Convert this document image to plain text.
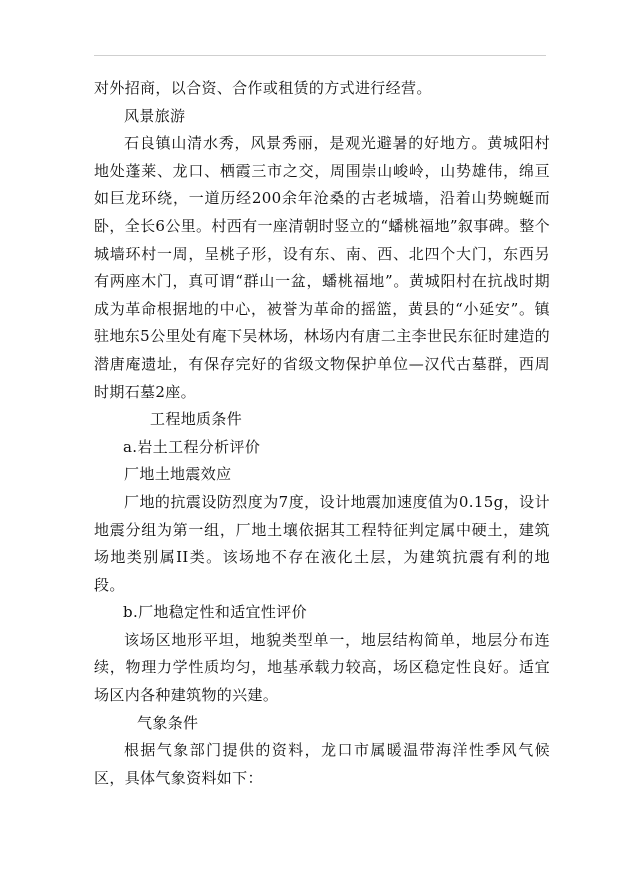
对外招商，以合资、合作或租赁的方式进行经营。

风景旅游

石良镇山清水秀，风景秀丽，是观光避暑的好地方。黄城阳村地处蓬莱、龙口、栖霞三市之交，周围崇山峻岭，山势雄伟，绵亘如巨龙环绕，一道历经200余年沧桑的古老城墙，沿着山势蜿蜒而卧，全长6公里。村西有一座清朝时竖立的“蟠桃福地”叙事碑。整个城墙环村一周，呈桃子形，设有东、南、西、北四个大门，东西另有两座木门，真可谓“群山一盆，蟠桃福地”。黄城阳村在抗战时期成为革命根据地的中心，被誉为革命的摇篮，黄县的“小延安”。镇驻地东5公里处有庵下吴林场，林场内有唐二主李世民东征时建造的潜唐庵遗址，有保存完好的省级文物保护单位—汉代古墓群，西周时期石墓2座。

工程地质条件

a.岩土工程分析评价

厂地土地震效应

厂地的抗震设防烈度为7度，设计地震加速度值为0.15g，设计地震分组为第一组，厂地土壤依据其工程特征判定属中硬土，建筑场地类别属II类。该场地不存在液化土层，为建筑抗震有利的地段。

b.厂地稳定性和适宜性评价

该场区地形平坦，地貌类型单一，地层结构简单，地层分布连续，物理力学性质均匀，地基承载力较高，场区稳定性良好。适宜场区内各种建筑物的兴建。

气象条件

根据气象部门提供的资料，龙口市属暖温带海洋性季风气候区，具体气象资料如下：
